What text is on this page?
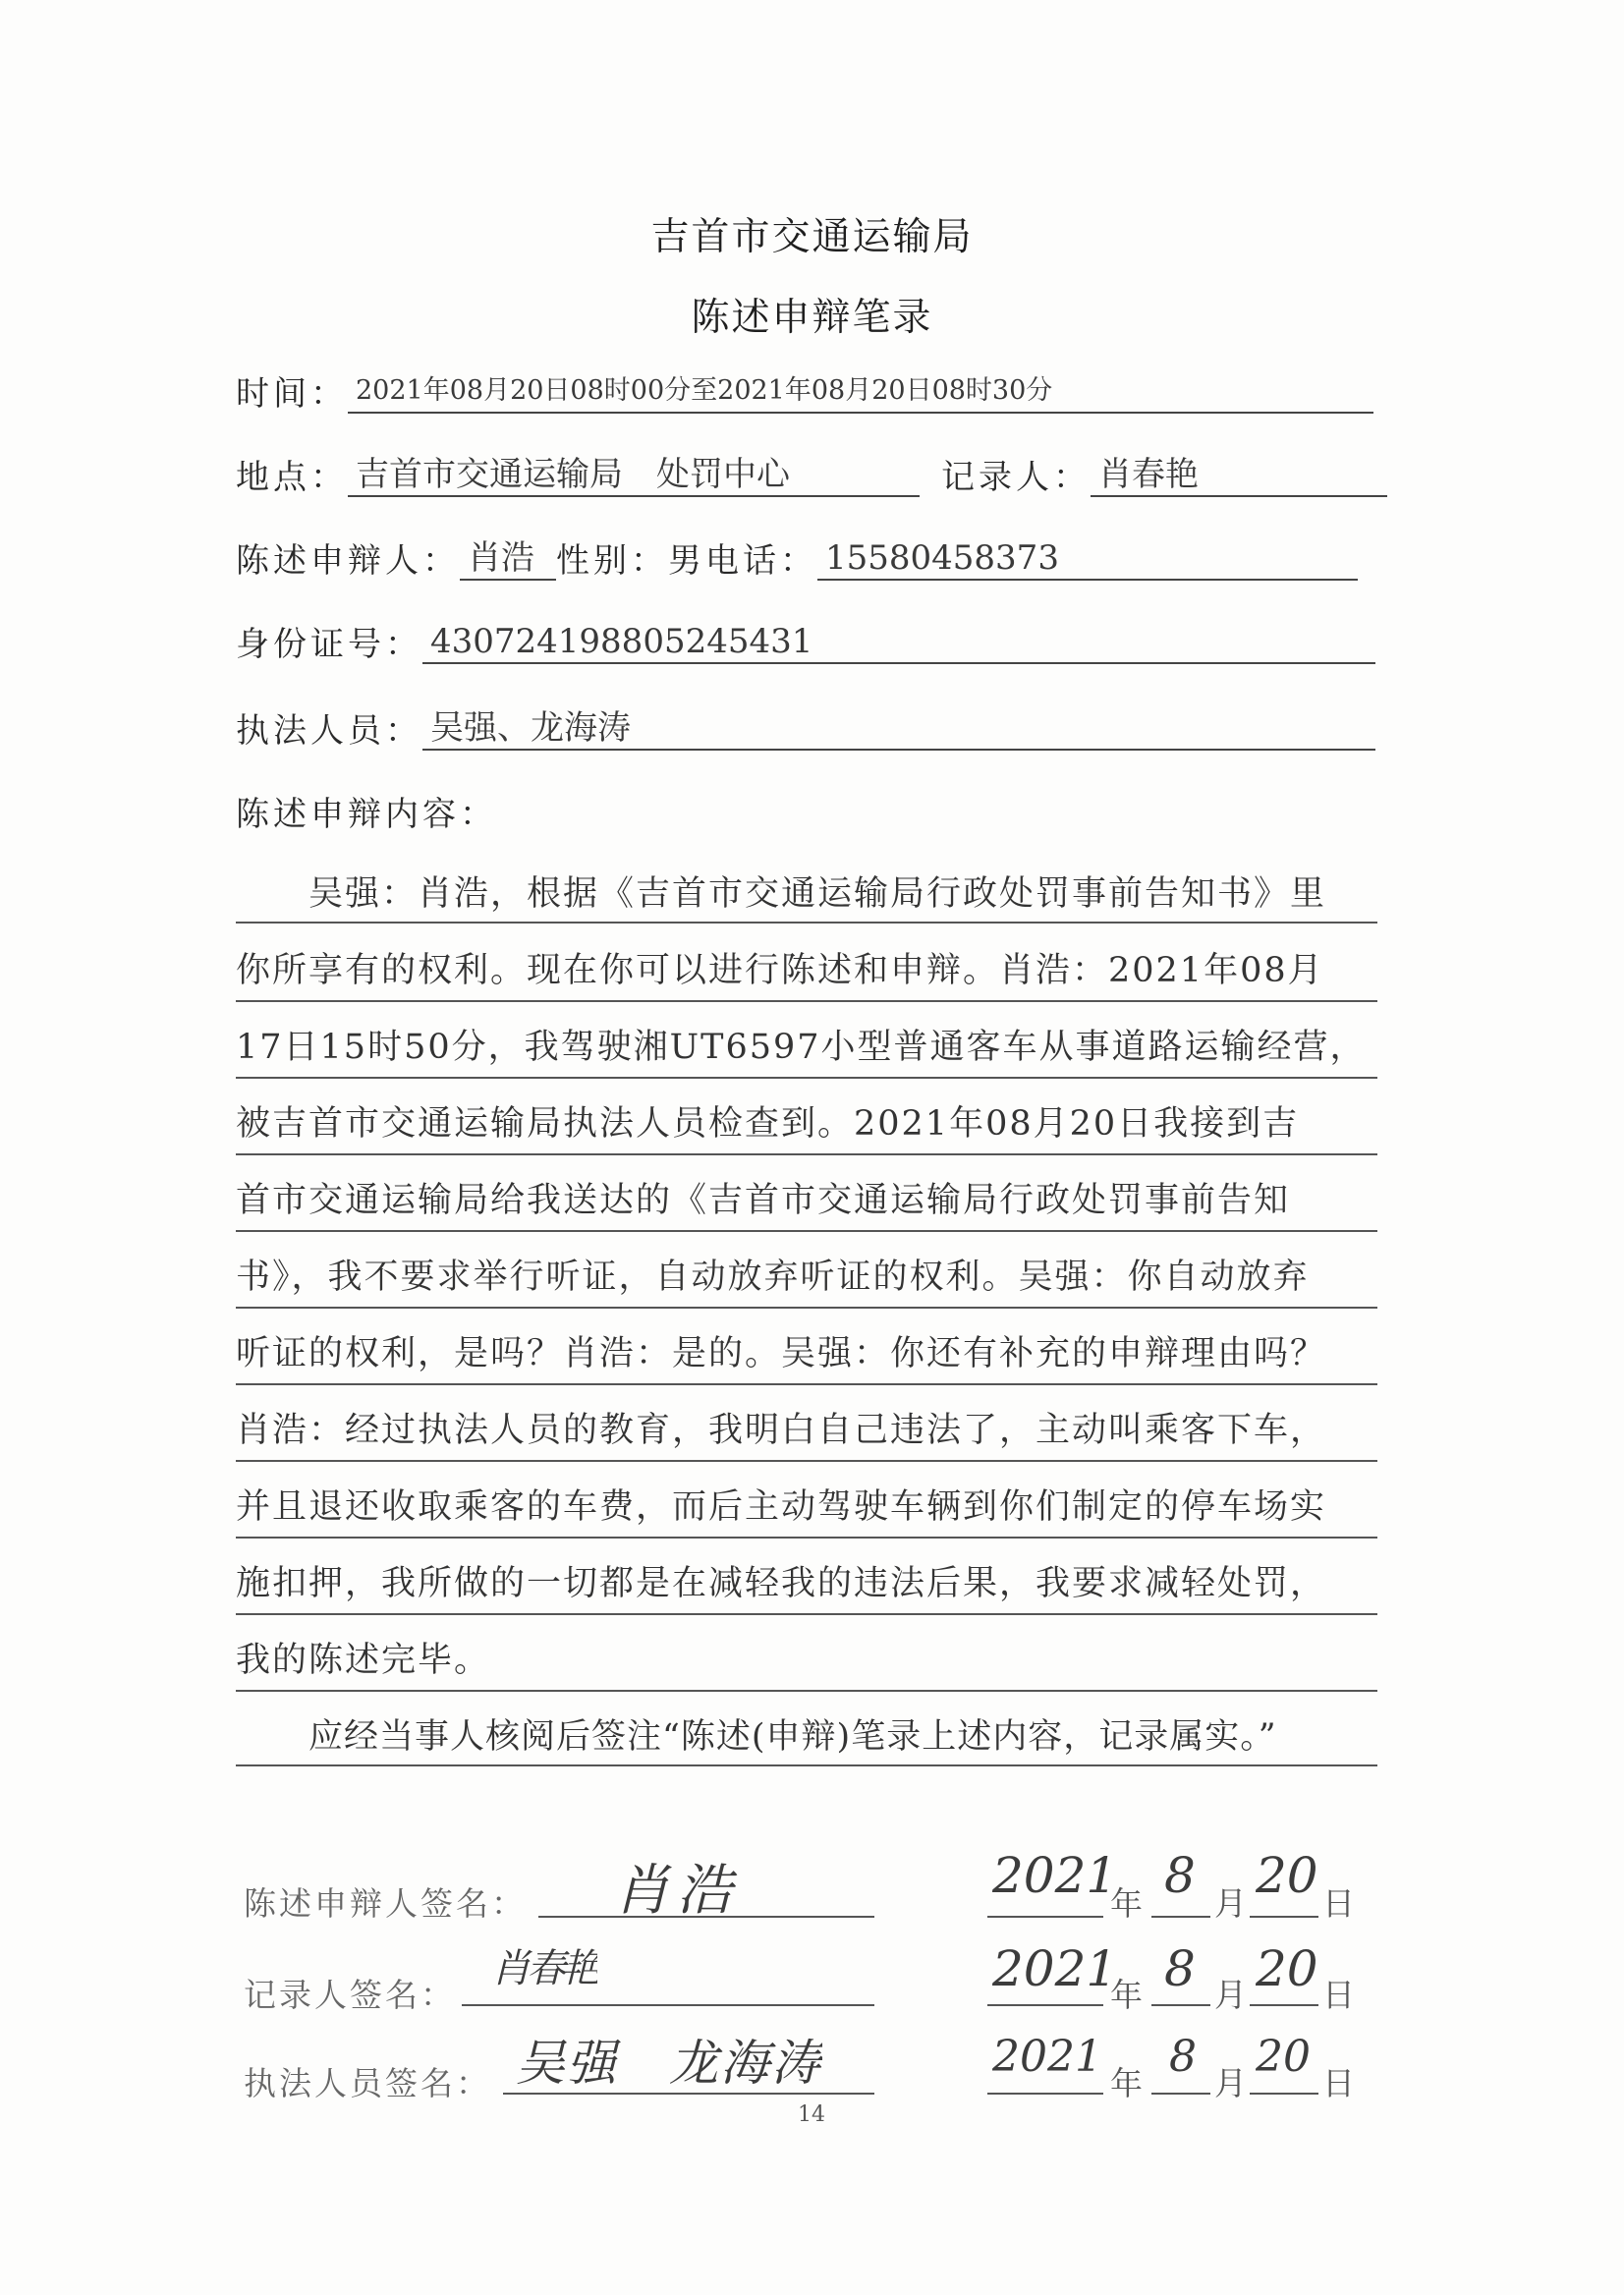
吉首市交通运输局
陈述申辩笔录
时间： 2021年08月20日08时00分至2021年08月20日08时30分
地点： 吉首市交通运输局　处罚中心	记录人： 肖春艳
陈述申辩人： 肖浩 性别：男电话： 15580458373
身份证号： 430724198805245431
执法人员： 吴强、龙海涛
陈述申辩内容：
吴强：肖浩，根据《吉首市交通运输局行政处罚事前告知书》里
你所享有的权利。现在你可以进行陈述和申辩。肖浩：2021年08月
17日15时50分，我驾驶湘UT6597小型普通客车从事道路运输经营，
被吉首市交通运输局执法人员检查到。2021年08月20日我接到吉
首市交通运输局给我送达的《吉首市交通运输局行政处罚事前告知
书》，我不要求举行听证，自动放弃听证的权利。吴强：你自动放弃
听证的权利，是吗？肖浩：是的。吴强：你还有补充的申辩理由吗？
肖浩：经过执法人员的教育，我明白自己违法了，主动叫乘客下车，
并且退还收取乘客的车费，而后主动驾驶车辆到你们制定的停车场实
施扣押，我所做的一切都是在减轻我的违法后果，我要求减轻处罚，
我的陈述完毕。
应经当事人核阅后签注“陈述(申辩)笔录上述内容，记录属实。”
陈述申辩人签名： 肖浩
记录人签名：
肖春艳
执法人员签名： 吴强　龙海涛
2021
年 8 月 20 日
2021
年 8 月 20 日
2021
年
8
月
20
日
14
